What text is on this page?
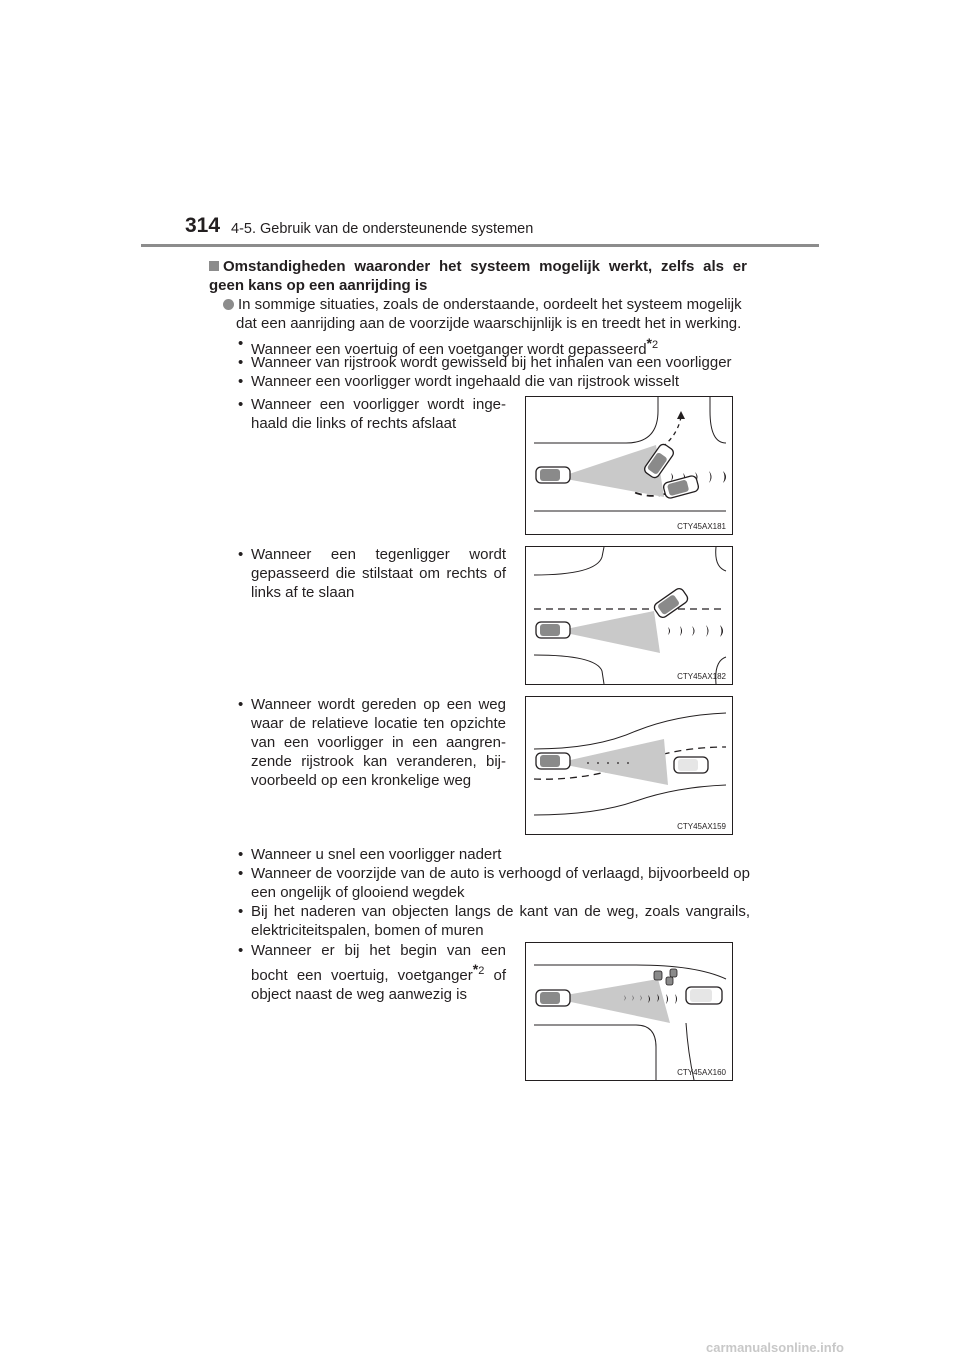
314 4-5. Gebruik van de ondersteunende systemen
Omstandigheden waaronder het systeem mogelijk werkt, zelfs als er geen kans op een aanrijding is
In sommige situaties, zoals de onderstaande, oordeelt het systeem mogelijk
dat een aanrijding aan de voorzijde waarschijnlijk is en treedt het in werking.
• Wanneer een voertuig of een voetganger wordt gepasseerd$^{*2}$
• Wanneer van rijstrook wordt gewisseld bij het inhalen van een voorligger
• Wanneer een voorligger wordt ingehaald die van rijstrook wisselt
• Wanneer een voorligger wordt inge-haald die links of rechts afslaat
CTY45AX181
• Wanneer een tegenligger wordt gepasseerd die stilstaat om rechts of links af te slaan
CTY45AX182
• Wanneer wordt gereden op een weg waar de relatieve locatie ten opzichte van een voorligger in een aangren-zende rijstrook kan veranderen, bij-voorbeeld op een kronkelige weg
CTY45AX159
• Wanneer u snel een voorligger nadert
• Wanneer de voorzijde van de auto is verhoogd of verlaagd, bijvoorbeeld op een ongelijk of glooiend wegdek
• Bij het naderen van objecten langs de kant van de weg, zoals vangrails, elektriciteitspalen, bomen of muren
• Wanneer er bij het begin van een bocht een voertuig, voetganger$^{*2}$ of object naast de weg aanwezig is
CTY45AX160
carmanualsonline.info
